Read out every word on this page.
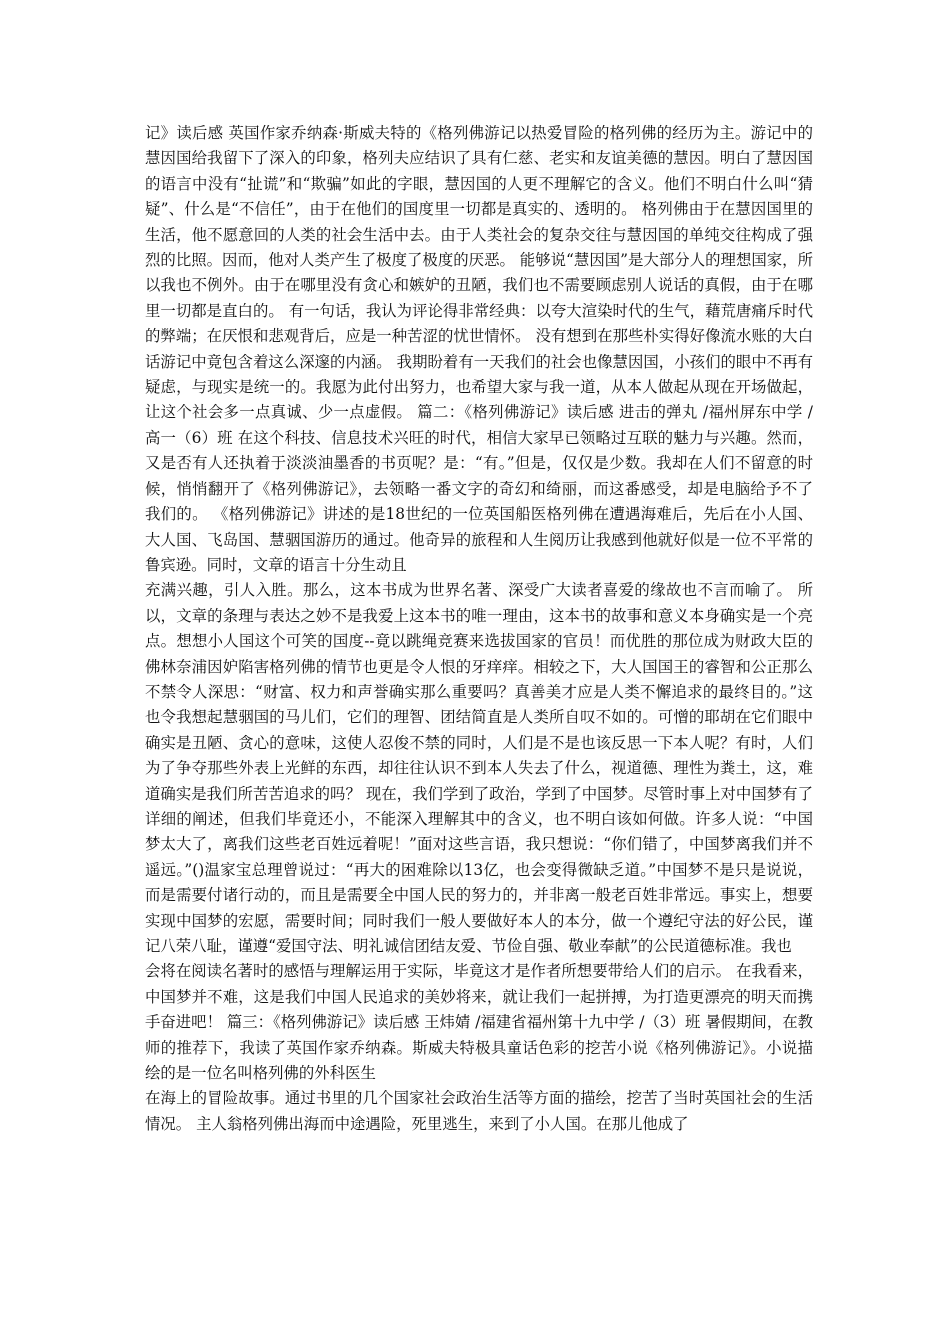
记》读后感 英国作家乔纳森·斯威夫特的《格列佛游记以热爱冒险的格列佛的经历为主。游记中的慧因国给我留下了深入的印象，格列夫应结识了具有仁慈、老实和友谊美德的慧因。明白了慧因国的语言中没有“扯谎”和“欺骗”如此的字眼，慧因国的人更不理解它的含义。他们不明白什么叫“猜疑”、什么是“不信任”，由于在他们的国度里一切都是真实的、透明的。 格列佛由于在慧因国里的生活，他不愿意回的人类的社会生活中去。由于人类社会的复杂交往与慧因国的单纯交往构成了强烈的比照。因而，他对人类产生了极度了极度的厌恶。 能够说“慧因国”是大部分人的理想国家，所以我也不例外。由于在哪里没有贪心和嫉妒的丑陋，我们也不需要顾虑别人说话的真假，由于在哪里一切都是直白的。 有一句话，我认为评论得非常经典：以夸大渲染时代的生气，藉荒唐痛斥时代的弊端；在厌恨和悲观背后，应是一种苦涩的忧世情怀。 没有想到在那些朴实得好像流水账的大白话游记中竟包含着这么深邃的内涵。 我期盼着有一天我们的社会也像慧因国，小孩们的眼中不再有疑虑，与现实是统一的。我愿为此付出努力，也希望大家与我一道，从本人做起从现在开场做起，让这个社会多一点真诚、少一点虚假。 篇二：《格列佛游记》读后感 进击的弹丸 /福州屏东中学 /高一（6）班 在这个科技、信息技术兴旺的时代，相信大家早已领略过互联的魅力与兴趣。然而，又是否有人还执着于淡淡油墨香的书页呢？是：“有。”但是，仅仅是少数。我却在人们不留意的时候，悄悄翻开了《格列佛游记》，去领略一番文字的奇幻和绮丽，而这番感受，却是电脑给予不了我们的。 《格列佛游记》讲述的是18世纪的一位英国船医格列佛在遭遇海难后，先后在小人国、大人国、飞岛国、慧骃国游历的通过。他奇异的旅程和人生阅历让我感到他就好似是一位不平常的鲁宾逊。同时，文章的语言十分生动且

充满兴趣，引人入胜。那么，这本书成为世界名著、深受广大读者喜爱的缘故也不言而喻了。 所以，文章的条理与表达之妙不是我爱上这本书的唯一理由，这本书的故事和意义本身确实是一个亮点。想想小人国这个可笑的国度--竟以跳绳竞赛来选拔国家的官员！而优胜的那位成为财政大臣的佛林奈浦因妒陷害格列佛的情节也更是令人恨的牙痒痒。相较之下，大人国国王的睿智和公正那么不禁令人深思：“财富、权力和声誉确实那么重要吗？真善美才应是人类不懈追求的最终目的。”这也令我想起慧骃国的马儿们，它们的理智、团结简直是人类所自叹不如的。可憎的耶胡在它们眼中确实是丑陋、贪心的意味，这使人忍俊不禁的同时，人们是不是也该反思一下本人呢？有时，人们为了争夺那些外表上光鲜的东西，却往往认识不到本人失去了什么，视道德、理性为粪土，这，难道确实是我们所苦苦追求的吗？ 现在，我们学到了政治，学到了中国梦。尽管时事上对中国梦有了详细的阐述，但我们毕竟还小，不能深入理解其中的含义，也不明白该如何做。许多人说：“中国梦太大了，离我们这些老百姓远着呢！”面对这些言语，我只想说：“你们错了，中国梦离我们并不遥远。”()温家宝总理曾说过：“再大的困难除以13亿，也会变得微缺乏道。”中国梦不是只是说说，而是需要付诸行动的，而且是需要全中国人民的努力的，并非离一般老百姓非常远。事实上，想要实现中国梦的宏愿，需要时间；同时我们一般人要做好本人的本分，做一个遵纪守法的好公民，谨记八荣八耻，谨遵“爱国守法、明礼诚信团结友爱、节俭自强、敬业奉献”的公民道德标准。我也

会将在阅读名著时的感悟与理解运用于实际，毕竟这才是作者所想要带给人们的启示。 在我看来，中国梦并不难，这是我们中国人民追求的美妙将来，就让我们一起拼搏，为打造更漂亮的明天而携手奋进吧！ 篇三：《格列佛游记》读后感 王炜婧 /福建省福州第十九中学 /（3）班 暑假期间，在教师的推荐下，我读了英国作家乔纳森。斯威夫特极具童话色彩的挖苦小说《格列佛游记》。小说描绘的是一位名叫格列佛的外科医生

在海上的冒险故事。通过书里的几个国家社会政治生活等方面的描绘，挖苦了当时英国社会的生活情况。 主人翁格列佛出海而中途遇险，死里逃生，来到了小人国。在那儿他成了
